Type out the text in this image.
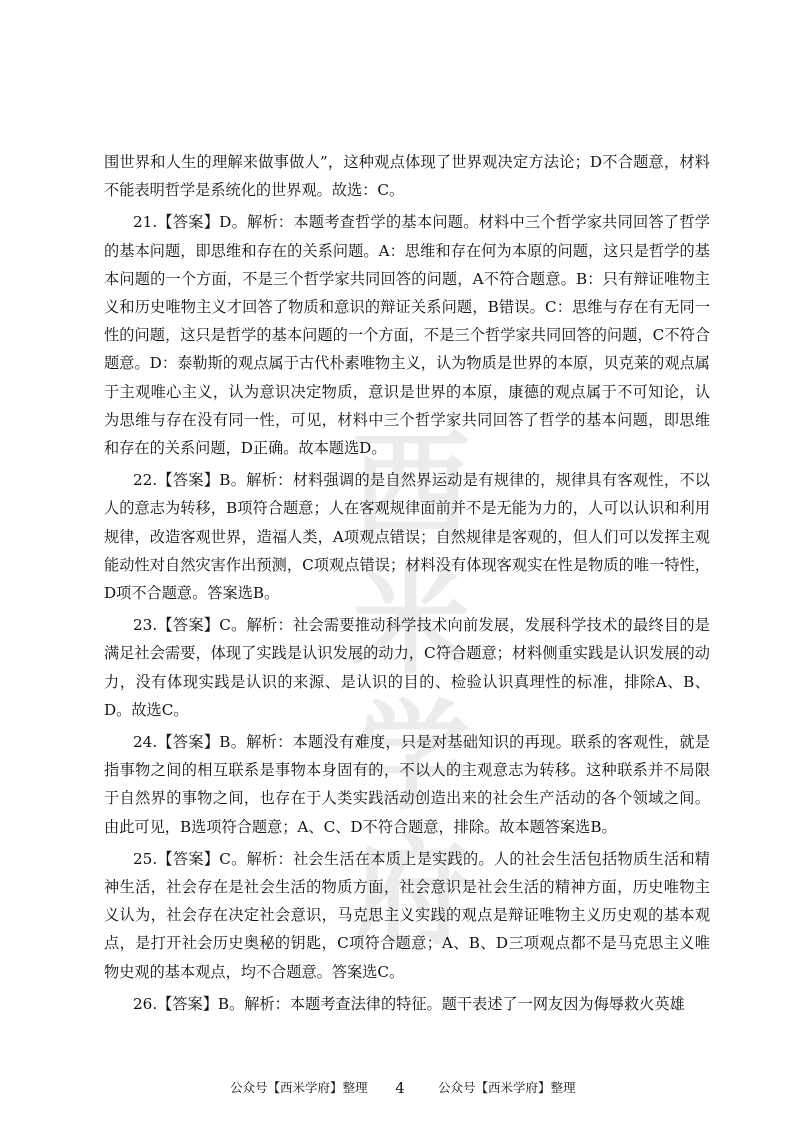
西米
学府

围世界和人生的理解来做事做人”，这种观点体现了世界观决定方法论；D不合题意，材料不能表明哲学是系统化的世界观。故选：C。

21.【答案】D。解析：本题考查哲学的基本问题。材料中三个哲学家共同回答了哲学的基本问题，即思维和存在的关系问题。A：思维和存在何为本原的问题，这只是哲学的基本问题的一个方面，不是三个哲学家共同回答的问题，A不符合题意。B：只有辩证唯物主义和历史唯物主义才回答了物质和意识的辩证关系问题，B错误。C：思维与存在有无同一性的问题，这只是哲学的基本问题的一个方面，不是三个哲学家共同回答的问题，C不符合题意。D：泰勒斯的观点属于古代朴素唯物主义，认为物质是世界的本原，贝克莱的观点属于主观唯心主义，认为意识决定物质，意识是世界的本原，康德的观点属于不可知论，认为思维与存在没有同一性，可见，材料中三个哲学家共同回答了哲学的基本问题，即思维和存在的关系问题，D正确。故本题选D。

22.【答案】B。解析：材料强调的是自然界运动是有规律的，规律具有客观性，不以人的意志为转移，B项符合题意；人在客观规律面前并不是无能为力的，人可以认识和利用规律，改造客观世界，造福人类，A项观点错误；自然规律是客观的，但人们可以发挥主观能动性对自然灾害作出预测，C项观点错误；材料没有体现客观实在性是物质的唯一特性，D项不合题意。答案选B。

23.【答案】C。解析：社会需要推动科学技术向前发展，发展科学技术的最终目的是满足社会需要，体现了实践是认识发展的动力，C符合题意；材料侧重实践是认识发展的动力，没有体现实践是认识的来源、是认识的目的、检验认识真理性的标准，排除A、B、D。故选C。

24.【答案】B。解析：本题没有难度，只是对基础知识的再现。联系的客观性，就是指事物之间的相互联系是事物本身固有的，不以人的主观意志为转移。这种联系并不局限于自然界的事物之间，也存在于人类实践活动创造出来的社会生产活动的各个领域之间。由此可见，B选项符合题意；A、C、D不符合题意，排除。故本题答案选B。

25.【答案】C。解析：社会生活在本质上是实践的。人的社会生活包括物质生活和精神生活，社会存在是社会生活的物质方面，社会意识是社会生活的精神方面，历史唯物主义认为，社会存在决定社会意识，马克思主义实践的观点是辩证唯物主义历史观的基本观点，是打开社会历史奥秘的钥匙，C项符合题意；A、B、D三项观点都不是马克思主义唯物史观的基本观点，均不合题意。答案选C。

26.【答案】B。解析：本题考查法律的特征。题干表述了一网友因为侮辱救火英雄

公众号【西米学府】整理	4	公众号【西米学府】整理
